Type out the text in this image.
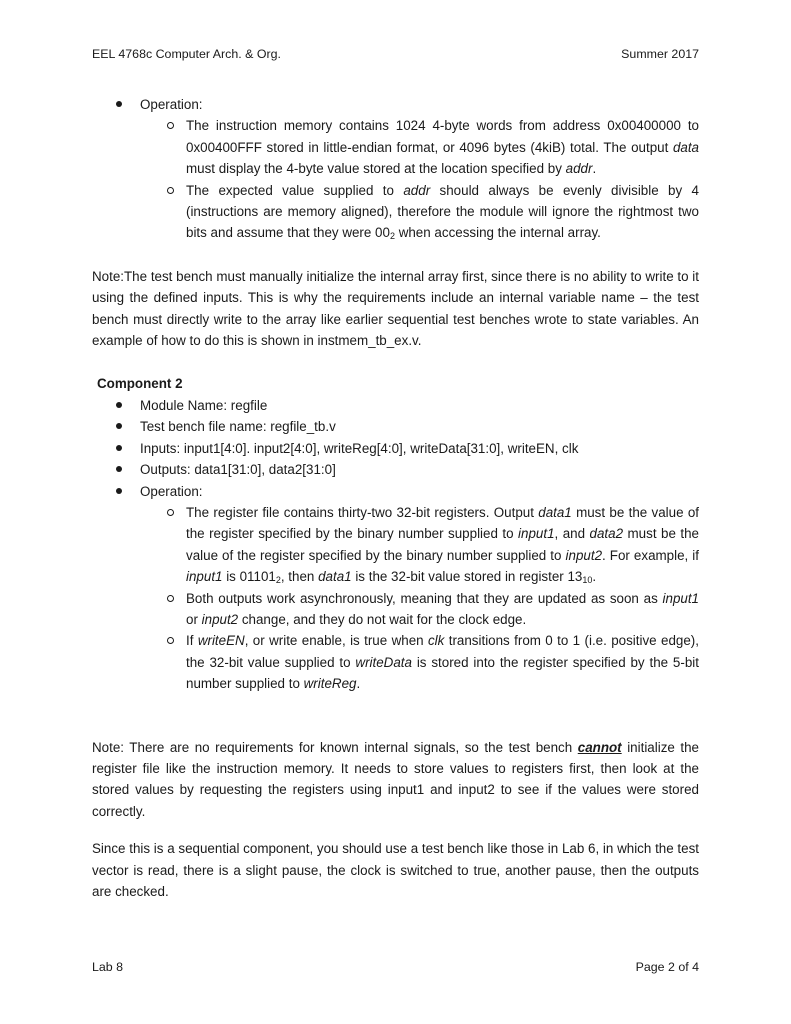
EEL 4768c Computer Arch. & Org.	Summer 2017
Operation:
The instruction memory contains 1024 4-byte words from address 0x00400000 to 0x00400FFF stored in little-endian format, or 4096 bytes (4kiB) total. The output data must display the 4-byte value stored at the location specified by addr.
The expected value supplied to addr should always be evenly divisible by 4 (instructions are memory aligned), therefore the module will ignore the rightmost two bits and assume that they were $00_2$ when accessing the internal array.

Note:The test bench must manually initialize the internal array first, since there is no ability to write to it using the defined inputs. This is why the requirements include an internal variable name – the test bench must directly write to the array like earlier sequential test benches wrote to state variables. An example of how to do this is shown in instmem_tb_ex.v.

Component 2
Module Name: regfile
Test bench file name: regfile_tb.v
Inputs: input1[4:0]. input2[4:0], writeReg[4:0], writeData[31:0], writeEN, clk
Outputs: data1[31:0], data2[31:0]
Operation:
The register file contains thirty-two 32-bit registers. Output data1 must be the value of the register specified by the binary number supplied to input1, and data2 must be the value of the register specified by the binary number supplied to input2. For example, if input1 is $01101_2$, then data1 is the 32-bit value stored in register $13_{10}$.
Both outputs work asynchronously, meaning that they are updated as soon as input1 or input2 change, and they do not wait for the clock edge.
If writeEN, or write enable, is true when clk transitions from 0 to 1 (i.e. positive edge), the 32-bit value supplied to writeData is stored into the register specified by the 5-bit number supplied to writeReg.

Note: There are no requirements for known internal signals, so the test bench cannot initialize the register file like the instruction memory. It needs to store values to registers first, then look at the stored values by requesting the registers using input1 and input2 to see if the values were stored correctly.

Since this is a sequential component, you should use a test bench like those in Lab 6, in which the test vector is read, there is a slight pause, the clock is switched to true, another pause, then the outputs are checked.

Lab 8	Page 2 of 4
